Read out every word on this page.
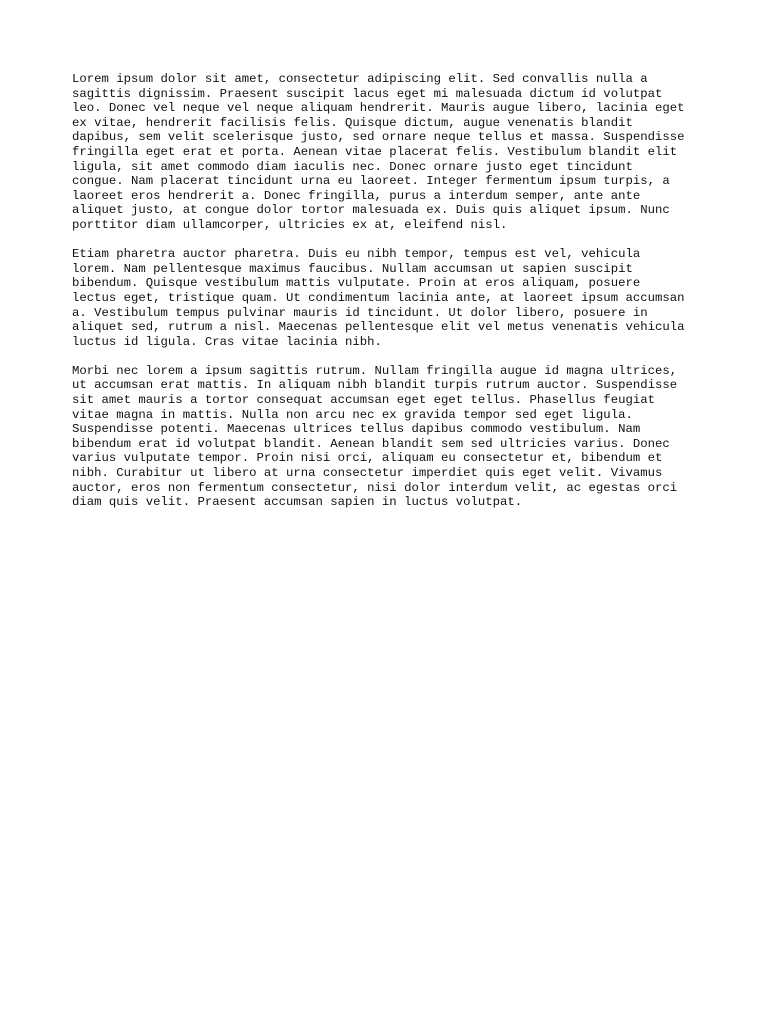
Lorem ipsum dolor sit amet, consectetur adipiscing elit. Sed convallis nulla a
sagittis dignissim. Praesent suscipit lacus eget mi malesuada dictum id volutpat
leo. Donec vel neque vel neque aliquam hendrerit. Mauris augue libero, lacinia eget
ex vitae, hendrerit facilisis felis. Quisque dictum, augue venenatis blandit
dapibus, sem velit scelerisque justo, sed ornare neque tellus et massa. Suspendisse
fringilla eget erat et porta. Aenean vitae placerat felis. Vestibulum blandit elit
ligula, sit amet commodo diam iaculis nec. Donec ornare justo eget tincidunt
congue. Nam placerat tincidunt urna eu laoreet. Integer fermentum ipsum turpis, a
laoreet eros hendrerit a. Donec fringilla, purus a interdum semper, ante ante
aliquet justo, at congue dolor tortor malesuada ex. Duis quis aliquet ipsum. Nunc
porttitor diam ullamcorper, ultricies ex at, eleifend nisl.
Etiam pharetra auctor pharetra. Duis eu nibh tempor, tempus est vel, vehicula
lorem. Nam pellentesque maximus faucibus. Nullam accumsan ut sapien suscipit
bibendum. Quisque vestibulum mattis vulputate. Proin at eros aliquam, posuere
lectus eget, tristique quam. Ut condimentum lacinia ante, at laoreet ipsum accumsan
a. Vestibulum tempus pulvinar mauris id tincidunt. Ut dolor libero, posuere in
aliquet sed, rutrum a nisl. Maecenas pellentesque elit vel metus venenatis vehicula
luctus id ligula. Cras vitae lacinia nibh.
Morbi nec lorem a ipsum sagittis rutrum. Nullam fringilla augue id magna ultrices,
ut accumsan erat mattis. In aliquam nibh blandit turpis rutrum auctor. Suspendisse
sit amet mauris a tortor consequat accumsan eget eget tellus. Phasellus feugiat
vitae magna in mattis. Nulla non arcu nec ex gravida tempor sed eget ligula.
Suspendisse potenti. Maecenas ultrices tellus dapibus commodo vestibulum. Nam
bibendum erat id volutpat blandit. Aenean blandit sem sed ultricies varius. Donec
varius vulputate tempor. Proin nisi orci, aliquam eu consectetur et, bibendum et
nibh. Curabitur ut libero at urna consectetur imperdiet quis eget velit. Vivamus
auctor, eros non fermentum consectetur, nisi dolor interdum velit, ac egestas orci
diam quis velit. Praesent accumsan sapien in luctus volutpat.
